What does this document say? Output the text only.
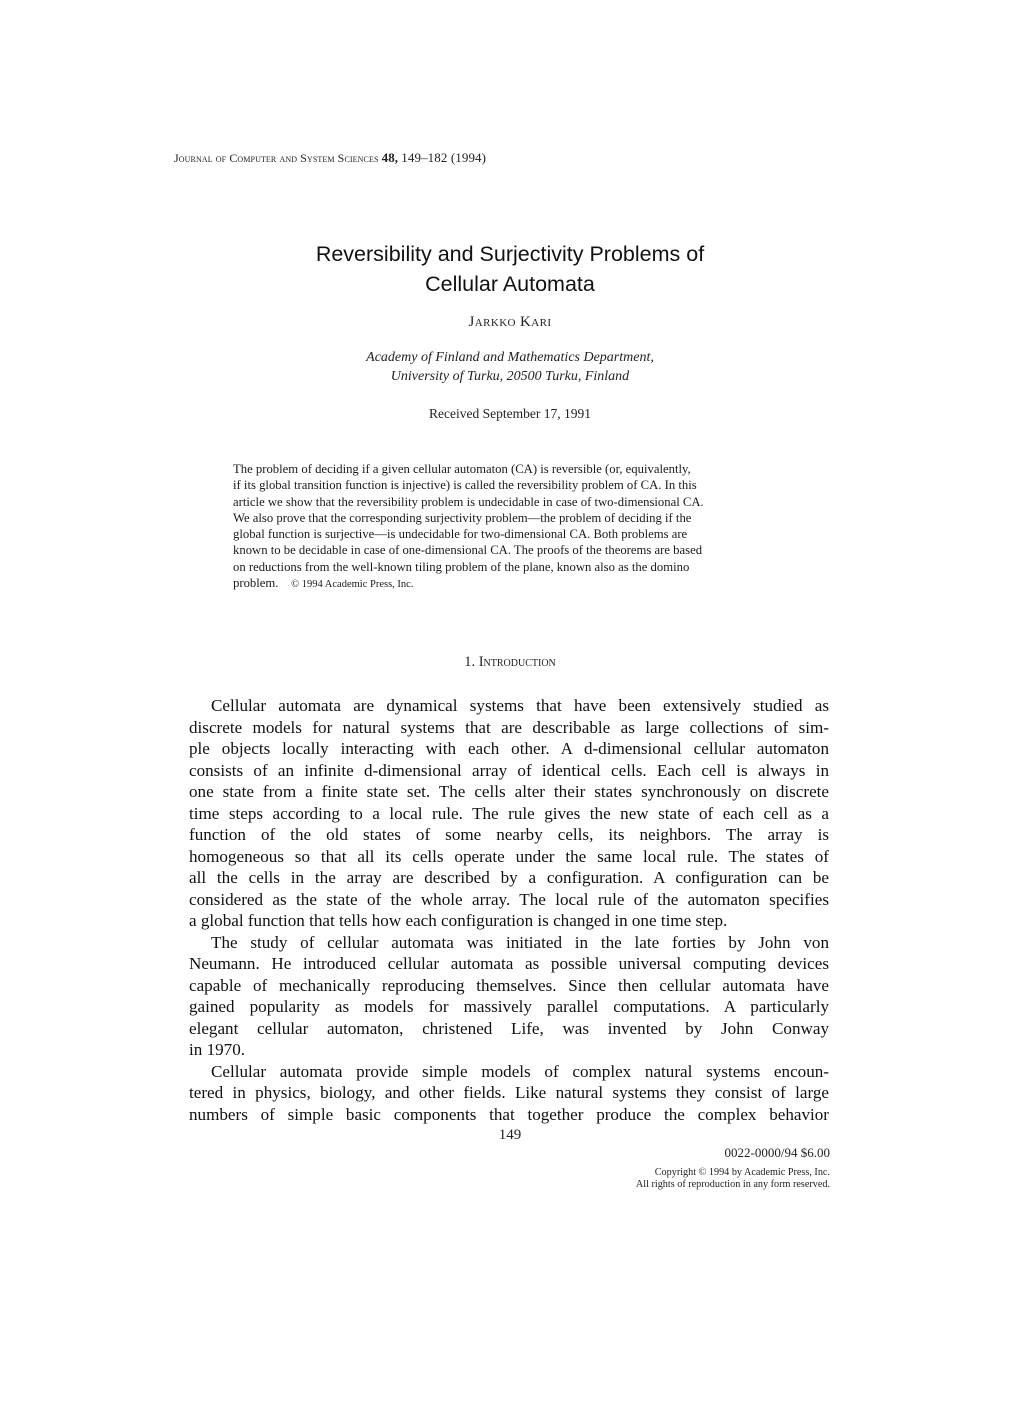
Journal of Computer and System Sciences 48, 149–182 (1994)
Reversibility and Surjectivity Problems of
Cellular Automata
Jarkko Kari
Academy of Finland and Mathematics Department,
University of Turku, 20500 Turku, Finland
Received September 17, 1991
The problem of deciding if a given cellular automaton (CA) is reversible (or, equivalently,
if its global transition function is injective) is called the reversibility problem of CA. In this
article we show that the reversibility problem is undecidable in case of two-dimensional CA.
We also prove that the corresponding surjectivity problem—the problem of deciding if the
global function is surjective—is undecidable for two-dimensional CA. Both problems are
known to be decidable in case of one-dimensional CA. The proofs of the theorems are based
on reductions from the well-known tiling problem of the plane, known also as the domino
problem. © 1994 Academic Press, Inc.
1. Introduction
Cellular automata are dynamical systems that have been extensively studied as
discrete models for natural systems that are describable as large collections of sim-
ple objects locally interacting with each other. A d-dimensional cellular automaton
consists of an infinite d-dimensional array of identical cells. Each cell is always in
one state from a finite state set. The cells alter their states synchronously on discrete
time steps according to a local rule. The rule gives the new state of each cell as a
function of the old states of some nearby cells, its neighbors. The array is
homogeneous so that all its cells operate under the same local rule. The states of
all the cells in the array are described by a configuration. A configuration can be
considered as the state of the whole array. The local rule of the automaton specifies
a global function that tells how each configuration is changed in one time step.
The study of cellular automata was initiated in the late forties by John von
Neumann. He introduced cellular automata as possible universal computing devices
capable of mechanically reproducing themselves. Since then cellular automata have
gained popularity as models for massively parallel computations. A particularly
elegant cellular automaton, christened Life, was invented by John Conway
in 1970.
Cellular automata provide simple models of complex natural systems encoun-
tered in physics, biology, and other fields. Like natural systems they consist of large
numbers of simple basic components that together produce the complex behavior
149
0022-0000/94 $6.00
Copyright © 1994 by Academic Press, Inc.
All rights of reproduction in any form reserved.
